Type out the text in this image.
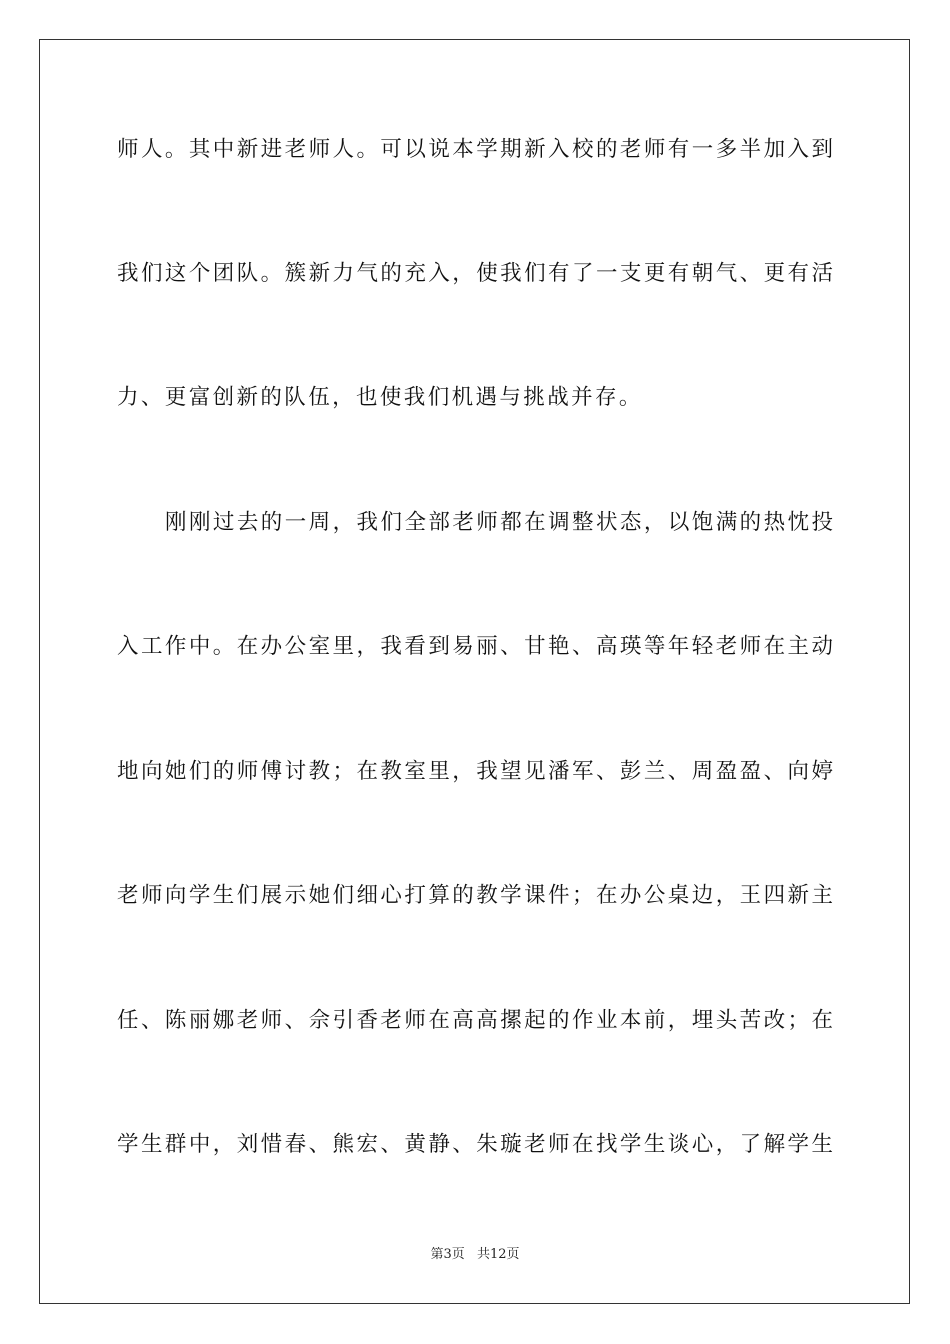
师人。其中新进老师人。可以说本学期新入校的老师有一多半加入到
我们这个团队。簇新力气的充入，使我们有了一支更有朝气、更有活
力、更富创新的队伍，也使我们机遇与挑战并存。
刚刚过去的一周，我们全部老师都在调整状态，以饱满的热忱投
入工作中。在办公室里，我看到易丽、甘艳、高瑛等年轻老师在主动
地向她们的师傅讨教；在教室里，我望见潘军、彭兰、周盈盈、向婷
老师向学生们展示她们细心打算的教学课件；在办公桌边，王四新主
任、陈丽娜老师、佘引香老师在高高摞起的作业本前，埋头苦改；在
学生群中，刘惜春、熊宏、黄静、朱璇老师在找学生谈心，了解学生
第3页 共12页
